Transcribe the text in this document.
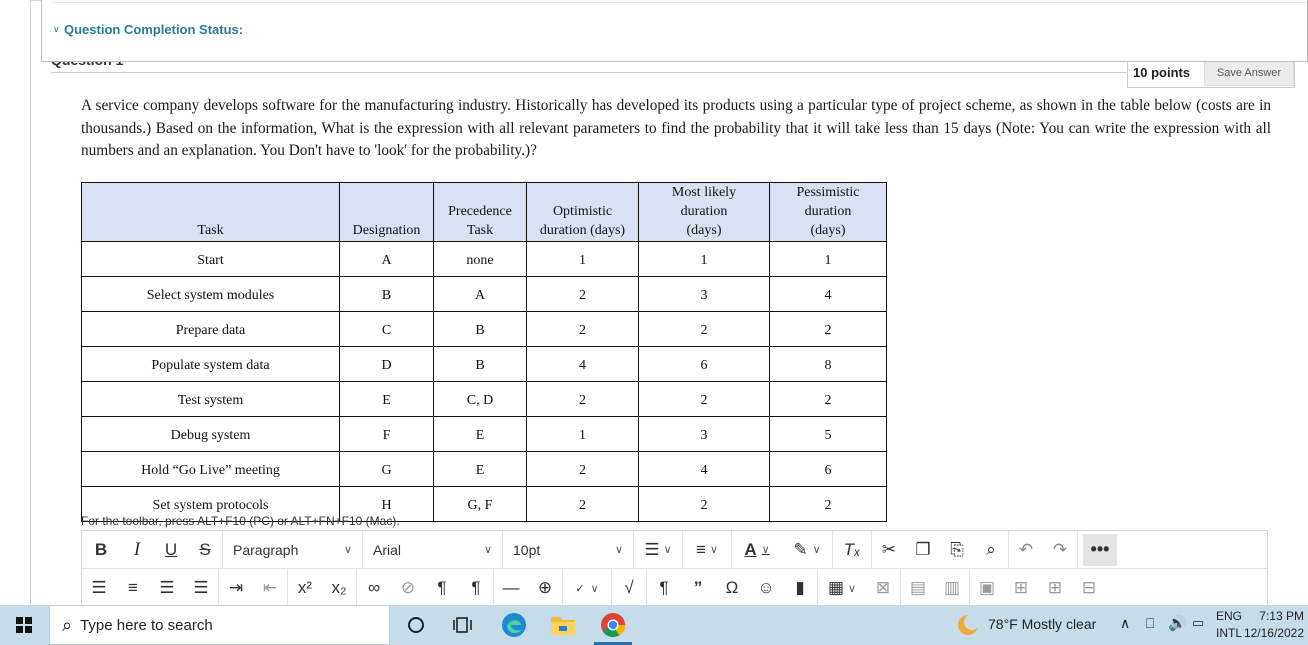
∨ Question Completion Status:
10 points	Save Answer
A service company develops software for the manufacturing industry. Historically has developed its products using a particular type of project scheme, as shown in the table below (costs are in thousands.) Based on the information, What is the expression with all relevant parameters to find the probability that it will take less than 15 days (Note: You can write the expression with all numbers and an explanation. You Don't have to 'look' for the probability.)?
Task	Designation	Precedence
Task	Optimistic
duration (days)	Most likely
duration
(days)	Pessimistic
duration
(days)
Start	A	none	1	1	1
Select system modules	B	A	2	3	4
Prepare data	C	B	2	2	2
Populate system data	D	B	4	6	8
Test system	E	C, D	2	2	2
Debug system	F	E	1	3	5
Hold “Go Live” meeting	G	E	2	4	6
Set system protocols	H	G, F	2	2	2
For the toolbar, press ALT+F10 (PC) or ALT+FN+F10 (Mac).
B	I	U	S	Paragraph	∨ Arial	∨ 10pt	∨	☰ ∨	≡ ∨	A ∨	✎ ∨	Tₓ	✂	❐	⎘	⌕	↶	↷	•••
☰	≡	☰	☰	⇥	⇤	x²	x₂	∞	⊘	¶	¶	—	⊕	✓ ∨	√	¶	”	Ω	☺	▮	▦ ∨	⊠	▤	▥	▣	⊞	⊞	⊟
⌕ Type here to search	78°F Mostly clear ∧ ⎕ 🔊 ▭ ENG
INTL
7:13 PM
12/16/2022
